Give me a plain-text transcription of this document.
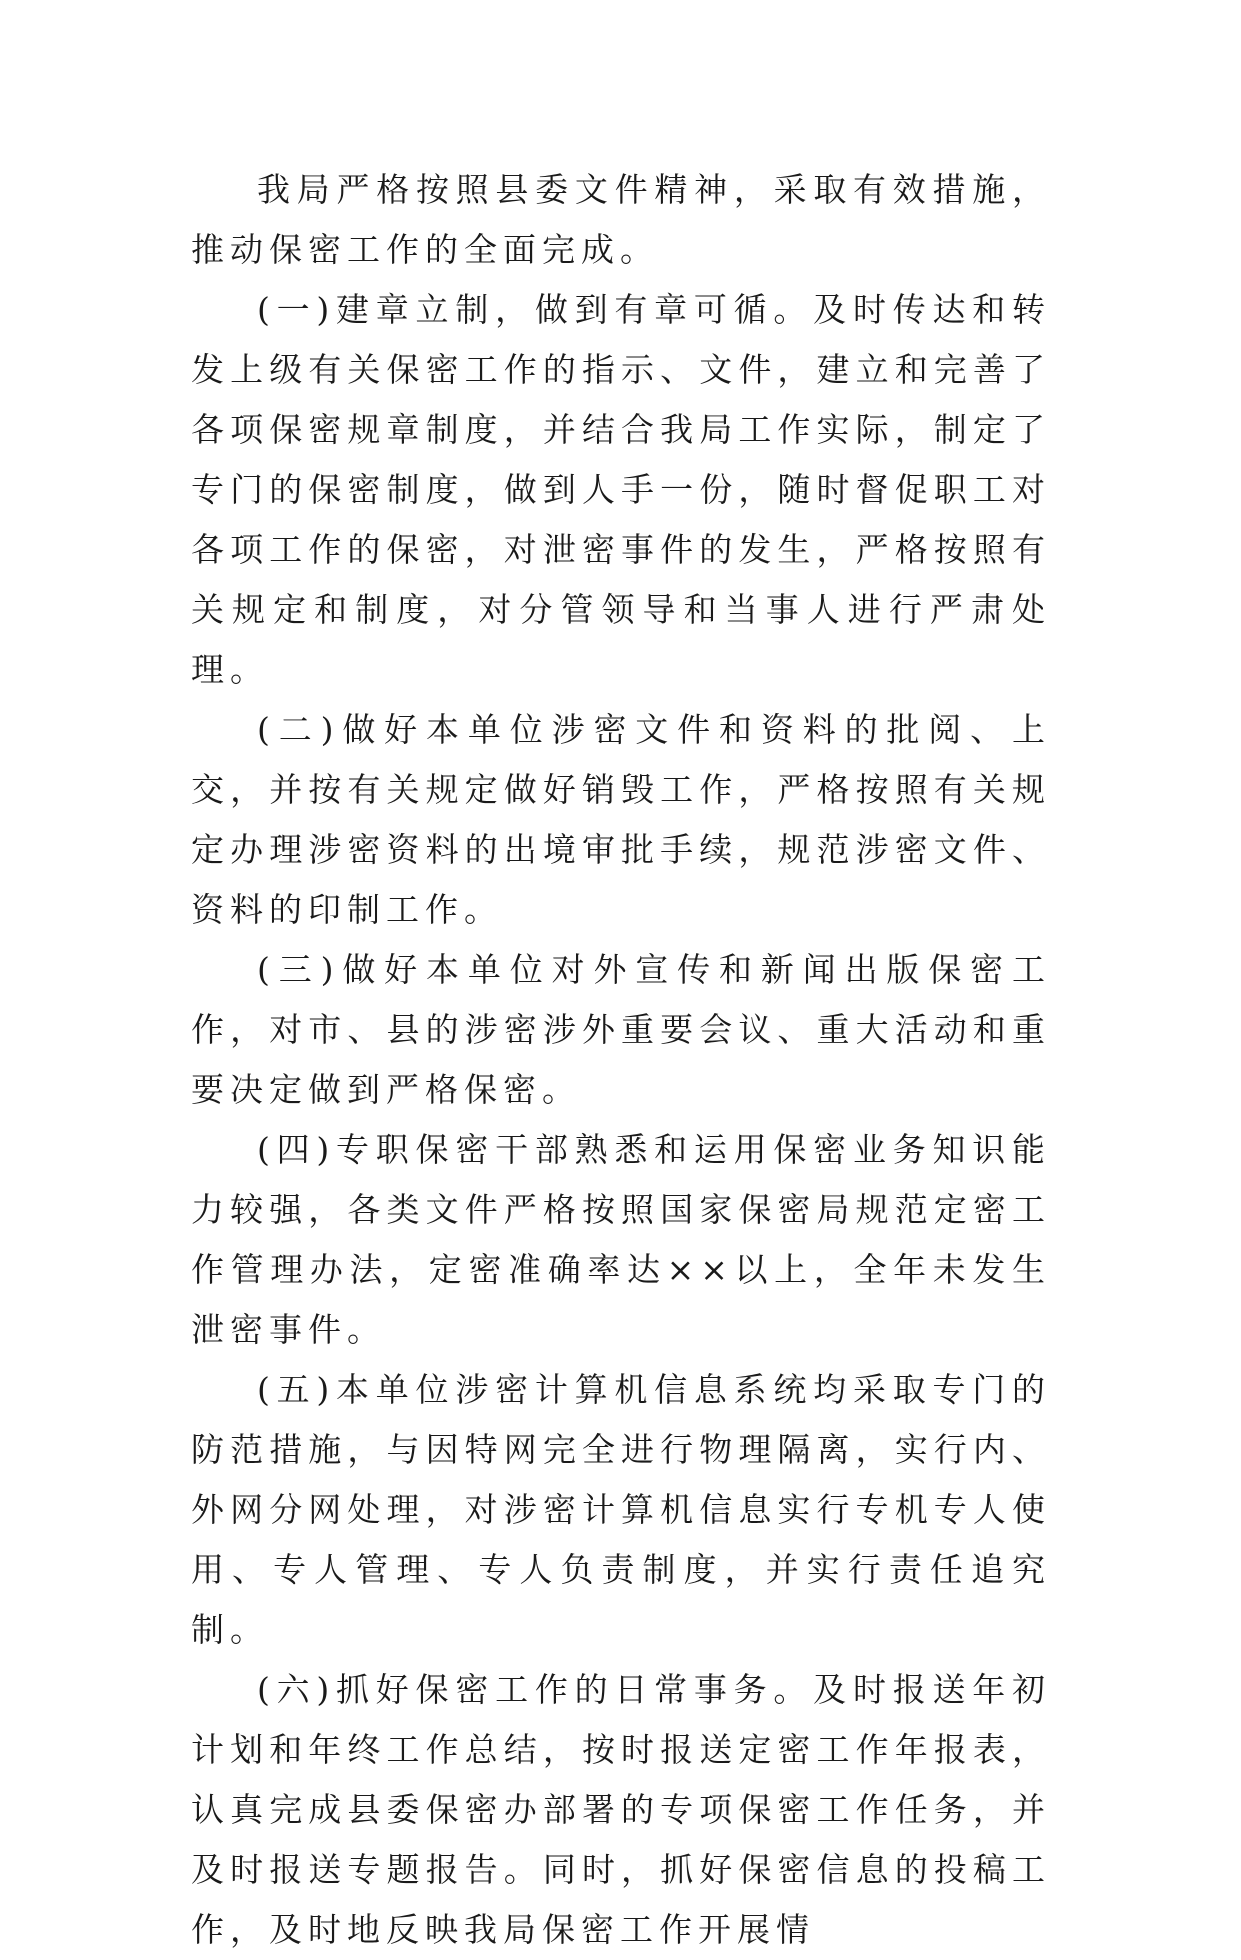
我局严格按照县委文件精神，采取有效措施，推动保密工作的全面完成。

(一)建章立制，做到有章可循。及时传达和转发上级有关保密工作的指示、文件，建立和完善了各项保密规章制度，并结合我局工作实际，制定了专门的保密制度，做到人手一份，随时督促职工对各项工作的保密，对泄密事件的发生，严格按照有关规定和制度，对分管领导和当事人进行严肃处理。

(二)做好本单位涉密文件和资料的批阅、上交，并按有关规定做好销毁工作，严格按照有关规定办理涉密资料的出境审批手续，规范涉密文件、资料的印制工作。

(三)做好本单位对外宣传和新闻出版保密工作，对市、县的涉密涉外重要会议、重大活动和重要决定做到严格保密。

(四)专职保密干部熟悉和运用保密业务知识能力较强，各类文件严格按照国家保密局规范定密工作管理办法，定密准确率达××以上，全年未发生泄密事件。

(五)本单位涉密计算机信息系统均采取专门的防范措施，与因特网完全进行物理隔离，实行内、外网分网处理，对涉密计算机信息实行专机专人使用、专人管理、专人负责制度，并实行责任追究制。

(六)抓好保密工作的日常事务。及时报送年初计划和年终工作总结，按时报送定密工作年报表，认真完成县委保密办部署的专项保密工作任务，并及时报送专题报告。同时，抓好保密信息的投稿工作，及时地反映我局保密工作开展情
